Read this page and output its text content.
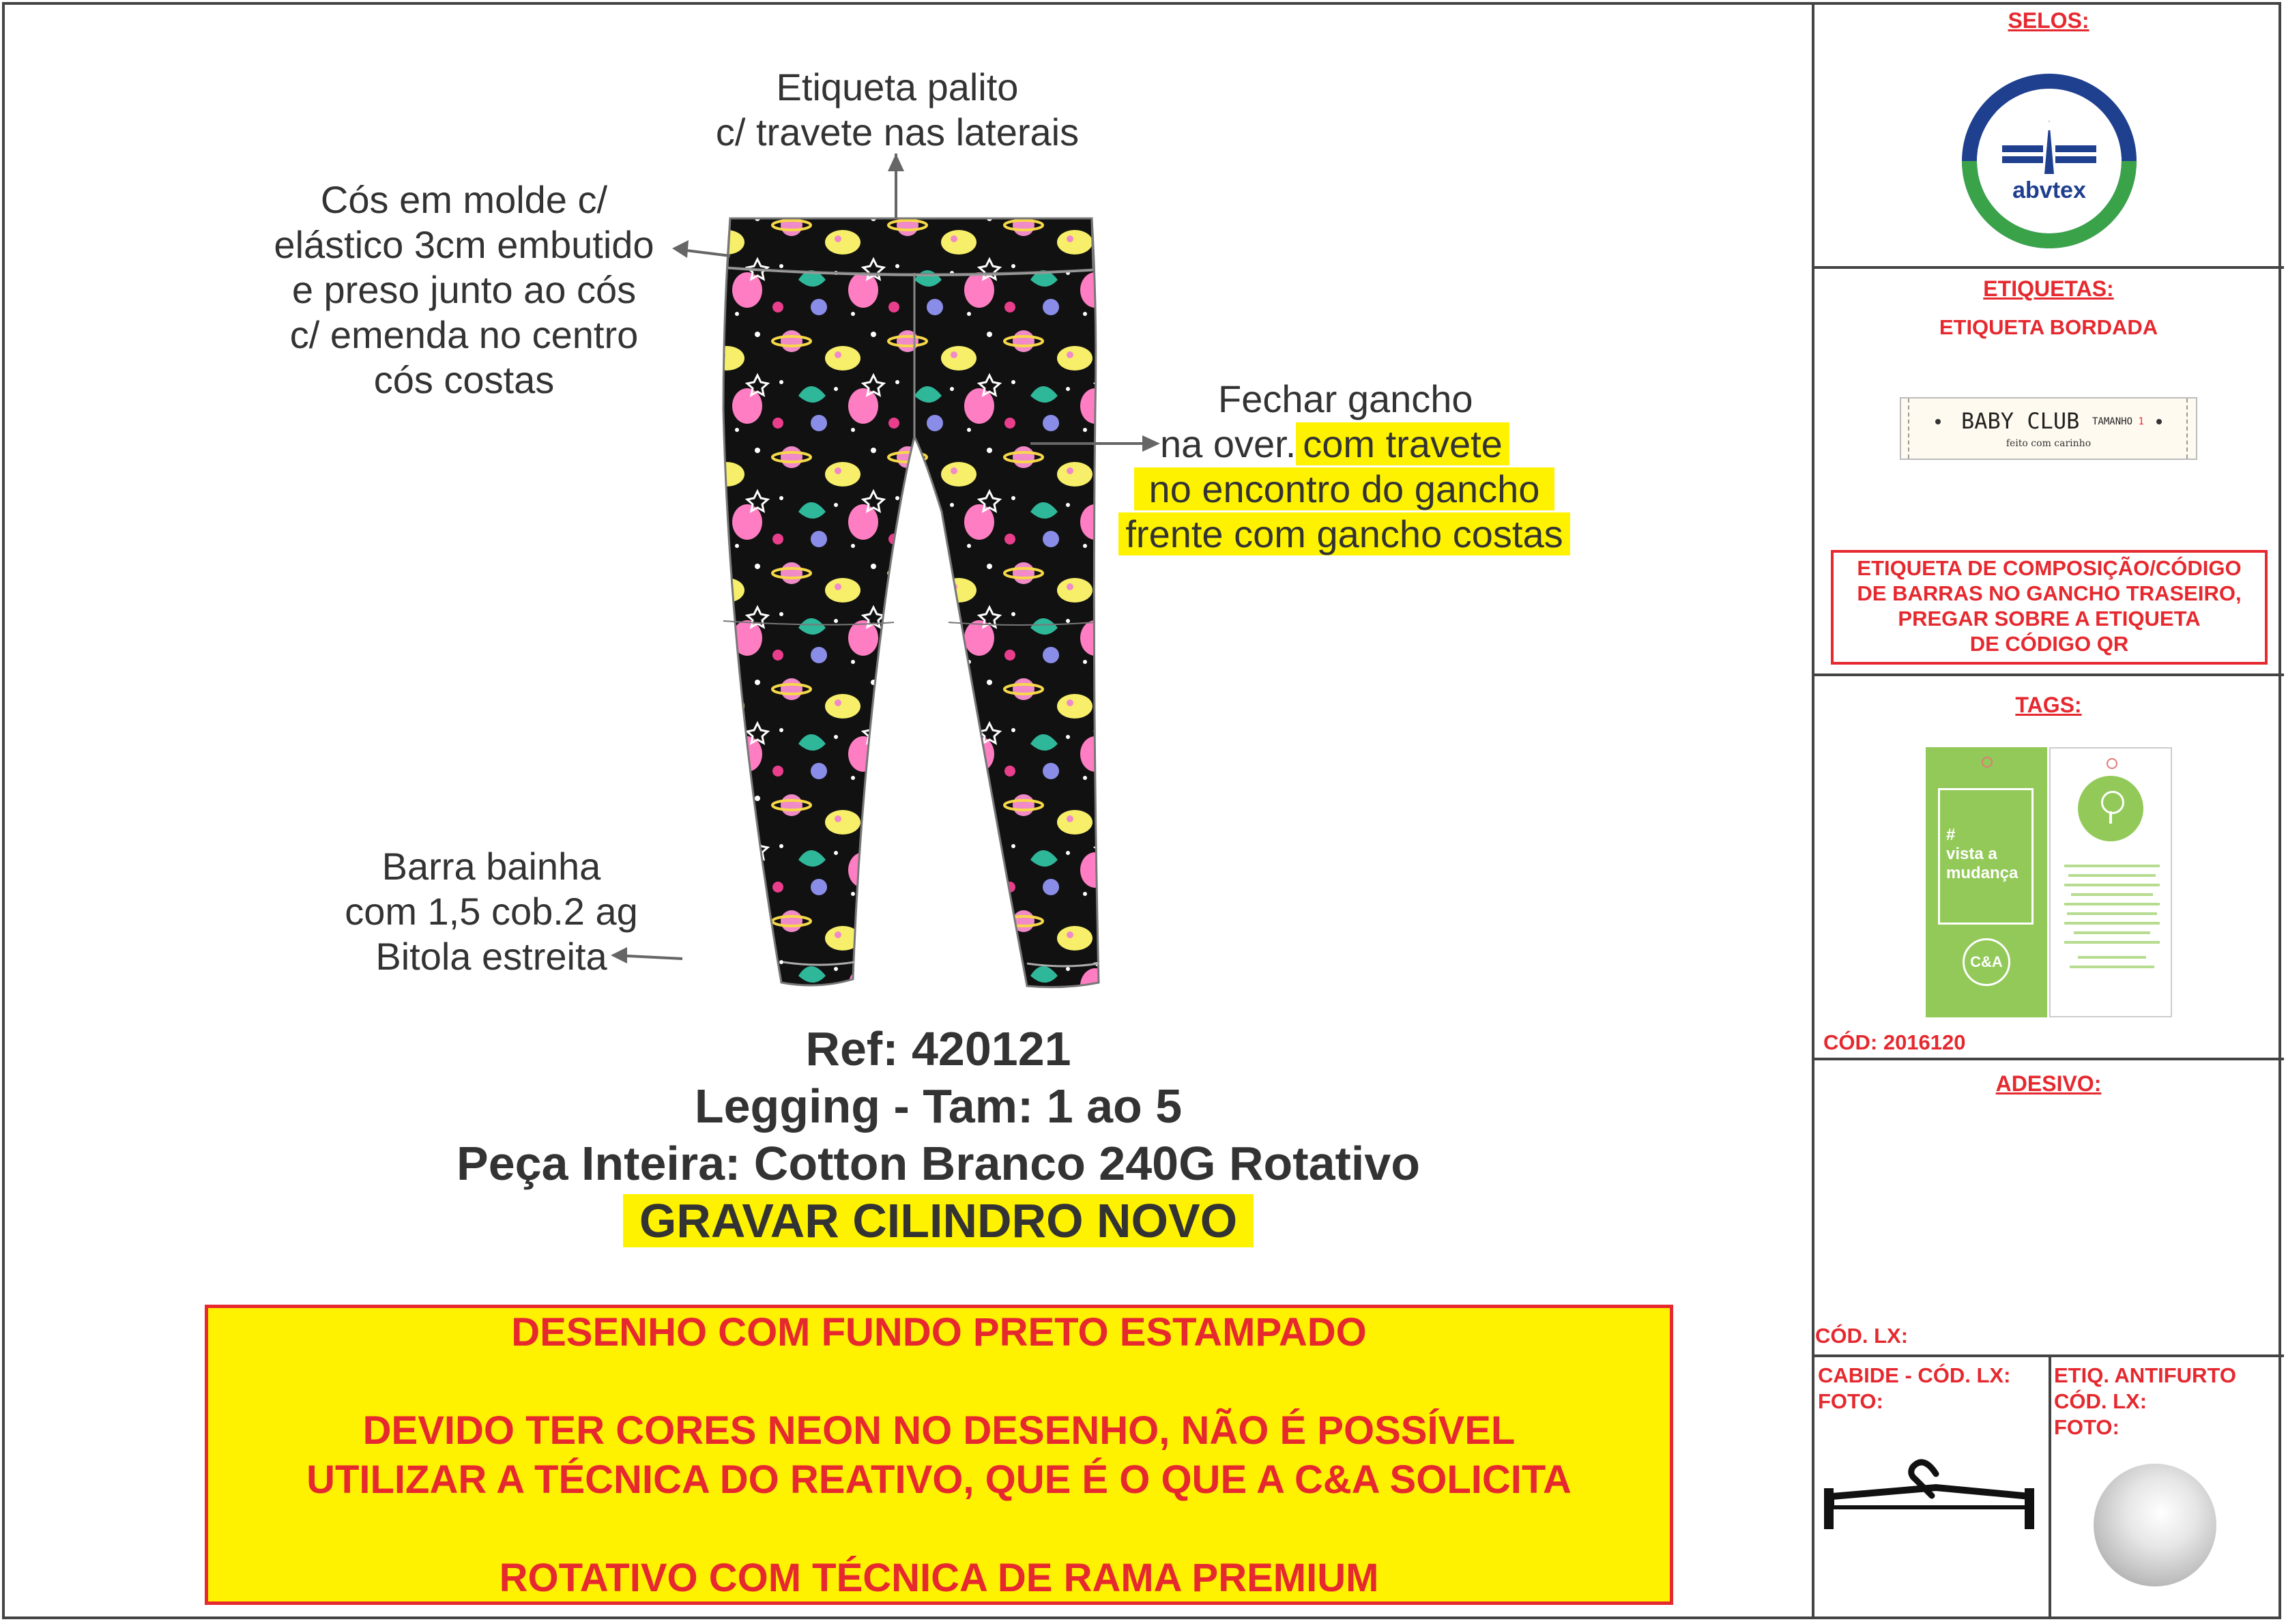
Etiqueta palito
c/ travete nas laterais
Cós em molde c/
elástico 3cm embutido
e preso junto ao cós
c/ emenda no centro
cós costas	Fechar gancho
na over. com travete
no encontro do gancho
frente com gancho costas
Barra bainha
com 1,5 cob.2 ag
Bitola estreita
Ref: 420121
Legging - Tam: 1 ao 5
Peça Inteira: Cotton Branco 240G Rotativo
GRAVAR CILINDRO NOVO
DESENHO COM FUNDO PRETO ESTAMPADO
DEVIDO TER CORES NEON NO DESENHO, NÃO É POSSÍVEL
UTILIZAR A TÉCNICA DO REATIVO, QUE É O QUE A C&A SOLICITA
ROTATIVO COM TÉCNICA DE RAMA PREMIUM
SELOS:
EMPRESA CERTIFICADA
EM RESPONSABILIDADE SOCIAL
abvtex
ETIQUETAS:
ETIQUETA BORDADA
BABY CLUB TAMANHO 1
feito com carinho
ETIQUETA DE COMPOSIÇÃO/CÓDIGO
DE BARRAS NO GANCHO TRASEIRO,
PREGAR SOBRE A ETIQUETA
DE CÓDIGO QR
TAGS:
#
vista a
mudança
C&A
CÓD: 2016120
ADESIVO:
CÓD. LX:
CABIDE - CÓD. LX:
FOTO:
ETIQ. ANTIFURTO
CÓD. LX:
FOTO:
